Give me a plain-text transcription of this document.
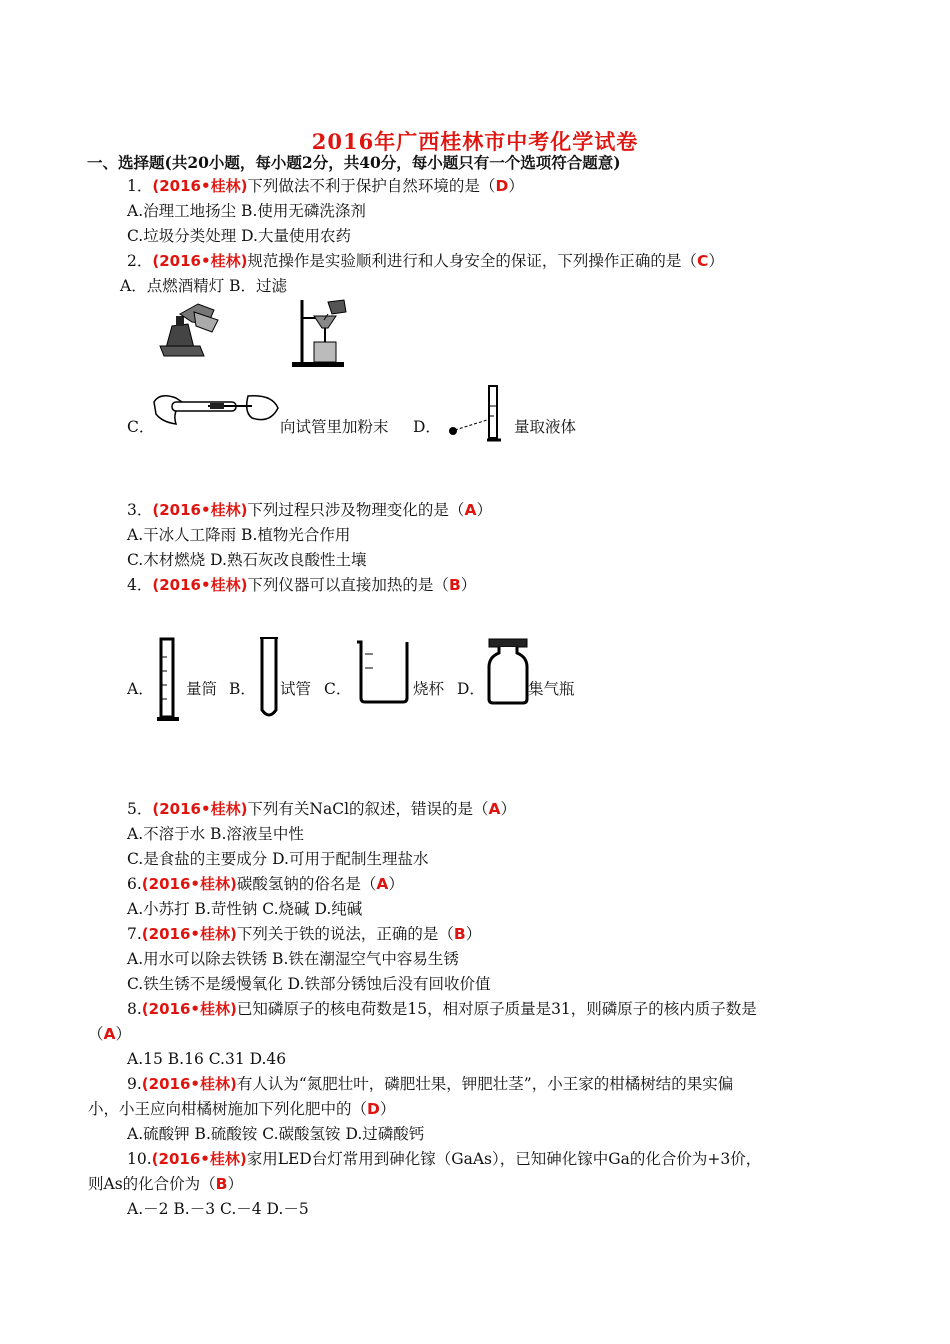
2016年广西桂林市中考化学试卷
一、选择题(共20小题，每小题2分，共40分，每小题只有一个选项符合题意)
1．(2016•桂林)下列做法不利于保护自然环境的是（D）
A.治理工地扬尘 B.使用无磷洗涤剂
C.垃圾分类处理 D.大量使用农药
2．(2016•桂林)规范操作是实验顺利进行和人身安全的保证，下列操作正确的是（C）
A．点燃酒精灯 B．过滤
C．	向试管里加粉末 D．	量取液体
3．(2016•桂林)下列过程只涉及物理变化的是（A）
A.干冰人工降雨 B.植物光合作用
C.木材燃烧 D.熟石灰改良酸性土壤
4．(2016•桂林)下列仪器可以直接加热的是（B）
A． 量筒 B． 试管 C．	烧杯 D．	集气瓶
5．(2016•桂林)下列有关NaCl的叙述，错误的是（A）
A.不溶于水 B.溶液呈中性
C.是食盐的主要成分 D.可用于配制生理盐水
6.(2016•桂林)碳酸氢钠的俗名是（A）
A.小苏打 B.苛性钠 C.烧碱 D.纯碱
7.(2016•桂林)下列关于铁的说法，正确的是（B）
A.用水可以除去铁锈 B.铁在潮湿空气中容易生锈
C.铁生锈不是缓慢氧化 D.铁部分锈蚀后没有回收价值
8.(2016•桂林)已知磷原子的核电荷数是15，相对原子质量是31，则磷原子的核内质子数是
（A）
A.15 B.16 C.31 D.46
9.(2016•桂林)有人认为“氮肥壮叶，磷肥壮果，钾肥壮茎”，小王家的柑橘树结的果实偏
小，小王应向柑橘树施加下列化肥中的（D）
A.硫酸钾 B.硫酸铵 C.碳酸氢铵 D.过磷酸钙
10.(2016•桂林)家用LED台灯常用到砷化镓（GaAs），已知砷化镓中Ga的化合价为+3价，
则As的化合价为（B）
A.－2 B.－3 C.－4 D.－5
